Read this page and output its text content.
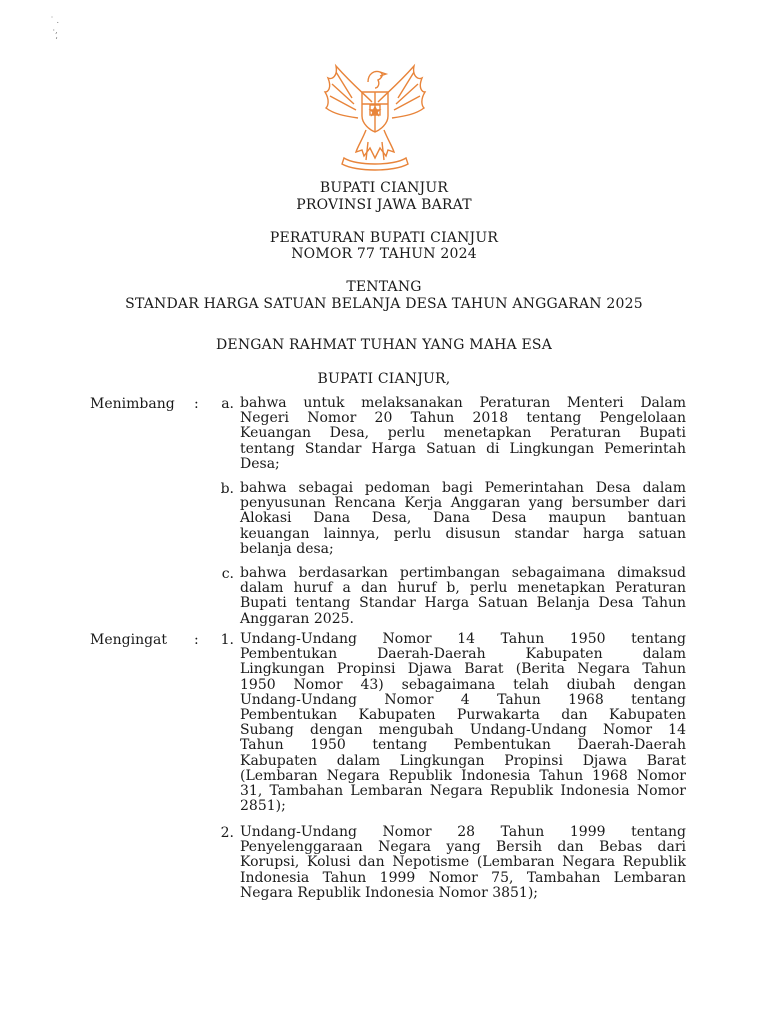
˙ .
·,
ʻ
BUPATI CIANJUR
PROVINSI JAWA BARAT
PERATURAN BUPATI CIANJUR
NOMOR 77 TAHUN 2024
TENTANG
STANDAR HARGA SATUAN BELANJA DESA TAHUN ANGGARAN 2025
DENGAN RAHMAT TUHAN YANG MAHA ESA
BUPATI CIANJUR,
Menimbang :	a. bahwa untuk melaksanakan Peraturan Menteri Dalam
Negeri Nomor 20 Tahun 2018 tentang Pengelolaan
Keuangan Desa, perlu menetapkan Peraturan Bupati
tentang Standar Harga Satuan di Lingkungan Pemerintah
Desa;
b. bahwa sebagai pedoman bagi Pemerintahan Desa dalam
penyusunan Rencana Kerja Anggaran yang bersumber dari
Alokasi Dana Desa, Dana Desa maupun bantuan
keuangan lainnya, perlu disusun standar harga satuan
belanja desa;
c. bahwa berdasarkan pertimbangan sebagaimana dimaksud
dalam huruf a dan huruf b, perlu menetapkan Peraturan
Bupati tentang Standar Harga Satuan Belanja Desa Tahun
Anggaran 2025.
Mengingat :	1. Undang-Undang Nomor 14 Tahun 1950 tentang
Pembentukan Daerah-Daerah Kabupaten dalam
Lingkungan Propinsi Djawa Barat (Berita Negara Tahun
1950 Nomor 43) sebagaimana telah diubah dengan
Undang-Undang Nomor 4 Tahun 1968 tentang
Pembentukan Kabupaten Purwakarta dan Kabupaten
Subang dengan mengubah Undang-Undang Nomor 14
Tahun 1950 tentang Pembentukan Daerah-Daerah
Kabupaten dalam Lingkungan Propinsi Djawa Barat
(Lembaran Negara Republik Indonesia Tahun 1968 Nomor
31, Tambahan Lembaran Negara Republik Indonesia Nomor
2851);
2. Undang-Undang Nomor 28 Tahun 1999 tentang
Penyelenggaraan Negara yang Bersih dan Bebas dari
Korupsi, Kolusi dan Nepotisme (Lembaran Negara Republik
Indonesia Tahun 1999 Nomor 75, Tambahan Lembaran
Negara Republik Indonesia Nomor 3851);
